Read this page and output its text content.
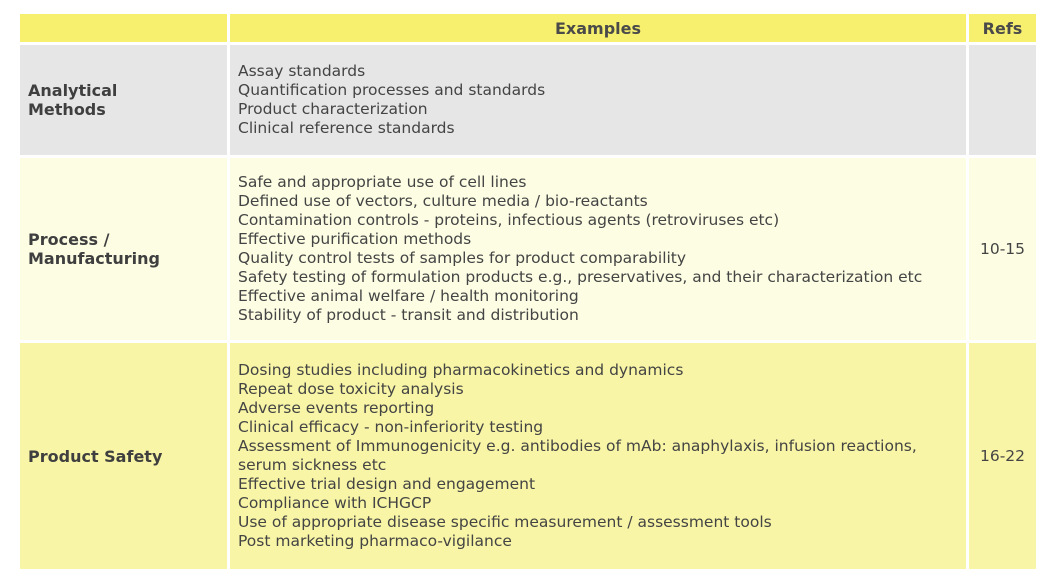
Examples	Refs
Analytical Methods
Assay standards
Quantification processes and standards
Product characterization
Clinical reference standards
Process / Manufacturing
Safe and appropriate use of cell lines
Defined use of vectors, culture media / bio-reactants
Contamination controls - proteins, infectious agents (retroviruses etc)
Effective purification methods
Quality control tests of samples for product comparability
Safety testing of formulation products e.g., preservatives, and their characterization etc
Effective animal welfare / health monitoring
Stability of product - transit and distribution
10-15
Product Safety
Dosing studies including pharmacokinetics and dynamics
Repeat dose toxicity analysis
Adverse events reporting
Clinical efficacy - non-inferiority testing
Assessment of Immunogenicity e.g. antibodies of mAb: anaphylaxis, infusion reactions, serum sickness etc
Effective trial design and engagement
Compliance with ICHGCP
Use of appropriate disease specific measurement / assessment tools
Post marketing pharmaco-vigilance
16-22
